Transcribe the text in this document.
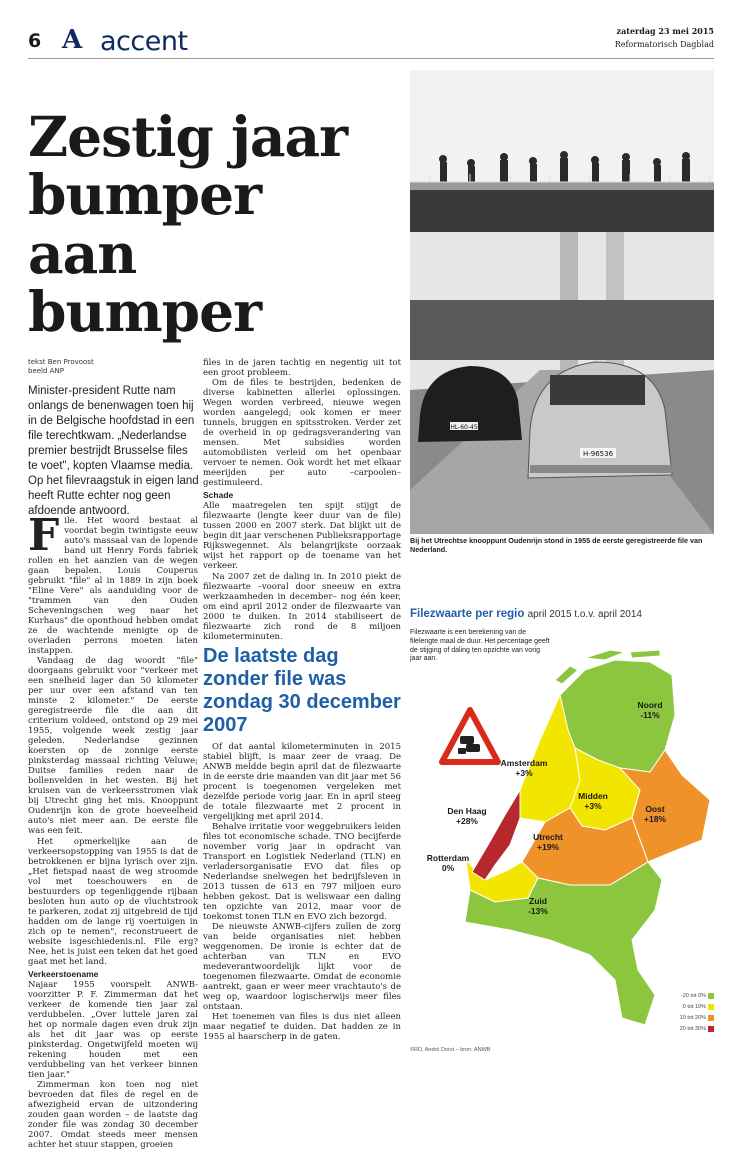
6 A accent	zaterdag 23 mei 2015
Reformatorisch Dagblad
Zestig jaar
bumper
aan
bumper
tekst Ben Provoost
beeld ANP
Minister-president Rutte nam onlangs de benenwagen toen hij in de Belgische hoofdstad in een file terechtkwam. „Nederlandse premier bestrijdt Brusselse files te voet", kopten Vlaamse media. Op het filevraagstuk in eigen land heeft Rutte echter nog geen afdoende antwoord.

File. Het woord bestaat al voordat begin twintigste eeuw auto's massaal van de lopende band uit Henry Fords fabriek rollen en het aanzien van de wegen gaan bepalen. Louis Couperus gebruikt "file" al in 1889 in zijn boek "Eline Vere" als aanduiding voor de "trammen van den Ouden Scheveningschen weg naar het Kurhaus" die oponthoud hebben omdat ze de wachtende menigte op de overladen perrons moeten laten instappen.

Vandaag de dag woordt "file" doorgaans gebruikt voor "verkeer met een snelheid lager dan 50 kilometer per uur over een afstand van ten minste 2 kilometer." De eerste geregistreerde file die aan dit criterium voldeed, ontstond op 29 mei 1955, volgende week zestig jaar geleden. Nederlandse gezinnen koersten op de zonnige eerste pinksterdag massaal richting Veluwe; Duitse families reden naar de bollenvelden in het westen. Bij het kruisen van de verkeersstromen vlak bij Utrecht ging het mis. Knooppunt Oudenrijn kon de grote hoeveelheid auto's niet meer aan. De eerste file was een feit.

Het opmerkelijke aan de verkeersopstopping van 1955 is dat de betrokkenen er bijna lyrisch over zijn. „Het fietspad naast de weg stroomde vol met toeschouwers en de bestuurders op tegenliggende rijbaan besloten hun auto op de vluchtstrook te parkeren, zodat zij uitgebreid de tijd hadden om de lange rij voertuigen in zich op te nemen", reconstrueert de website isgeschiedenis.nl. File erg? Nee, het is juist een teken dat het goed gaat met het land.

Verkeerstoename

Najaar 1955 voorspelt ANWB-voorzitter P. F. Zimmerman dat het verkeer de komende tien jaar zal verdubbelen. „Over luttele jaren zal het op normale dagen even druk zijn als het dit jaar was op eerste pinksterdag. Ongetwijfeld moeten wij rekening houden met een verdubbeling van het verkeer binnen tien jaar."

Zimmerman kon toen nog niet bevroeden dat files de regel en de afwezigheid ervan de uitzondering zouden gaan worden – de laatste dag zonder file was zondag 30 december 2007. Omdat steeds meer mensen achter het stuur stappen, groeien

files in de jaren tachtig en negentig uit tot een groot probleem.

Om de files te bestrijden, bedenken de diverse kabinetten allerlei oplossingen. Wegen worden verbreed, nieuwe wegen worden aangelegd; ook komen er meer tunnels, bruggen en spitsstroken. Verder zet de overheid in op gedragsverandering van mensen. Met subsidies worden automobilisten verleid om het openbaar vervoer te nemen. Ook wordt het met elkaar meerijden per auto –carpoolen– gestimuleerd.

Schade

Alle maatregelen ten spijt stijgt de filezwaarte (lengte keer duur van de file) tussen 2000 en 2007 sterk. Dat blijkt uit de begin dit jaar verschenen Publieksrapportage Rijkswegennet. Als belangrijkste oorzaak wijst het rapport op de toename van het verkeer.

Na 2007 zet de daling in. In 2010 piekt de filezwaarte –vooral door sneeuw en extra werkzaamheden in december– nog één keer, om eind april 2012 onder de filezwaarte van 2000 te duiken. In 2014 stabiliseert de filezwaarte zich rond de 8 miljoen kilometerminuten.

De laatste dag zonder file was zondag 30 december 2007

Of dat aantal kilometerminuten in 2015 stabiel blijft, is maar zeer de vraag. De ANWB meldde begin april dat de filezwaarte in de eerste drie maanden van dit jaar met 56 procent is toegenomen vergeleken met dezelfde periode vorig jaar. En in april steeg de totale filezwaarte met 2 procent in vergelijking met april 2014.

Behalve irritatie voor weggebruikers leiden files tot economische schade. TNO becijferde november vorig jaar in opdracht van Transport en Logistiek Nederland (TLN) en verladersorganisatie EVO dat files op Nederlandse snelwegen het bedrijfsleven in 2013 tussen de 613 en 797 miljoen euro hebben gekost. Dat is weliswaar een daling ten opzichte van 2012, maar voor de toekomst tonen TLN en EVO zich bezorgd.

De nieuwste ANWB-cijfers zullen de zorg van beide organisaties niet hebben weggenomen. De ironie is echter dat de achterban van TLN en EVO medeverantwoordelijk lijkt voor de toegenomen filezwaarte. Omdat de economie aantrekt, gaan er weer meer vrachtauto's de weg op, waardoor logischerwijs meer files ontstaan.

Het toenemen van files is dus niet alleen maar negatief te duiden. Dat hadden ze in 1955 al haarscherp in de gaten.

HL-60-45
H-96536
Bij het Utrechtse knooppunt Oudenrijn stond in 1955 de eerste geregistreerde file van Nederland.
Filezwaarte per regio april 2015 t.o.v. april 2014
Filezwaarte is een berekening van de filelengte maal de duur. Het percentage geeft de stijging of daling ten opzichte van vorig jaar aan.
Noord
-11%
Amsterdam
+3%
Midden
+3%
Den Haag
+28%
Oost
+18%
Utrecht
+19%
Rotterdam
0%
Zuid
-13%
-20 tot 0%
0 tot 10%
10 tot 20%
20 tot 30%
©RD, André Dorst – bron: ANWB
